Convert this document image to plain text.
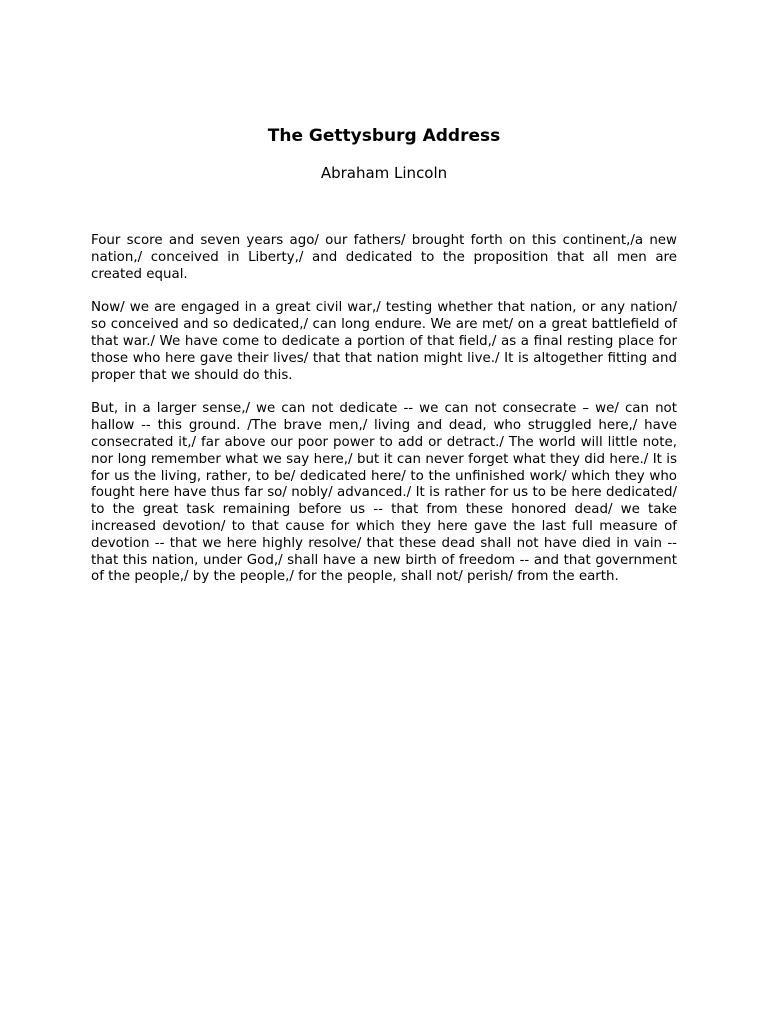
The Gettysburg Address
Abraham Lincoln

Four score and seven years ago/ our fathers/ brought forth on this continent,/a new nation,/ conceived in Liberty,/ and dedicated to the proposition that all men are created equal.

Now/ we are engaged in a great civil war,/ testing whether that nation, or any nation/ so conceived and so dedicated,/ can long endure. We are met/ on a great battlefield of that war./ We have come to dedicate a portion of that field,/ as a final resting place for those who here gave their lives/ that that nation might live./ It is altogether fitting and proper that we should do this.

But, in a larger sense,/ we can not dedicate -- we can not consecrate – we/ can not hallow -- this ground. /The brave men,/ living and dead, who struggled here,/ have consecrated it,/ far above our poor power to add or detract./ The world will little note, nor long remember what we say here,/ but it can never forget what they did here./ It is for us the living, rather, to be/ dedicated here/ to the unfinished work/ which they who fought here have thus far so/ nobly/ advanced./ It is rather for us to be here dedicated/ to the great task remaining before us -- that from these honored dead/ we take increased devotion/ to that cause for which they here gave the last full measure of devotion -- that we here highly resolve/ that these dead shall not have died in vain -- that this nation, under God,/ shall have a new birth of freedom -- and that government of the people,/ by the people,/ for the people, shall not/ perish/ from the earth.
